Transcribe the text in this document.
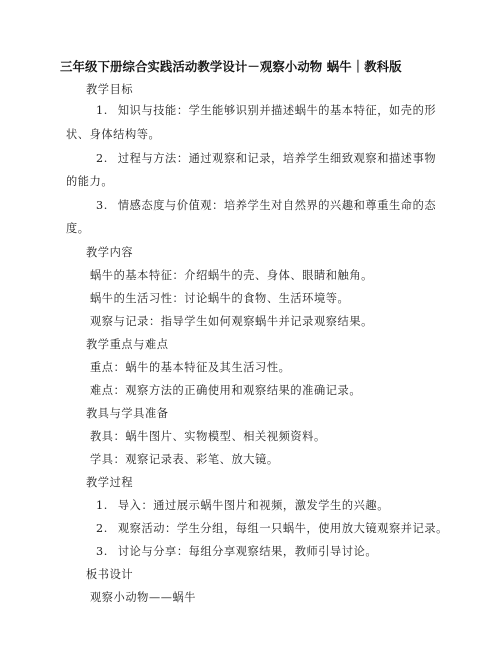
三年级下册综合实践活动教学设计－观察小动物 蜗牛｜教科版
教学目标
1. 知识与技能：学生能够识别并描述蜗牛的基本特征，如壳的形
状、身体结构等。
2. 过程与方法：通过观察和记录，培养学生细致观察和描述事物
的能力。
3. 情感态度与价值观：培养学生对自然界的兴趣和尊重生命的态
度。
教学内容
蜗牛的基本特征：介绍蜗牛的壳、身体、眼睛和触角。
蜗牛的生活习性：讨论蜗牛的食物、生活环境等。
观察与记录：指导学生如何观察蜗牛并记录观察结果。
教学重点与难点
重点：蜗牛的基本特征及其生活习性。
难点：观察方法的正确使用和观察结果的准确记录。
教具与学具准备
教具：蜗牛图片、实物模型、相关视频资料。
学具：观察记录表、彩笔、放大镜。
教学过程
1. 导入：通过展示蜗牛图片和视频，激发学生的兴趣。
2. 观察活动：学生分组，每组一只蜗牛，使用放大镜观察并记录。
3. 讨论与分享：每组分享观察结果，教师引导讨论。
板书设计
观察小动物——蜗牛
